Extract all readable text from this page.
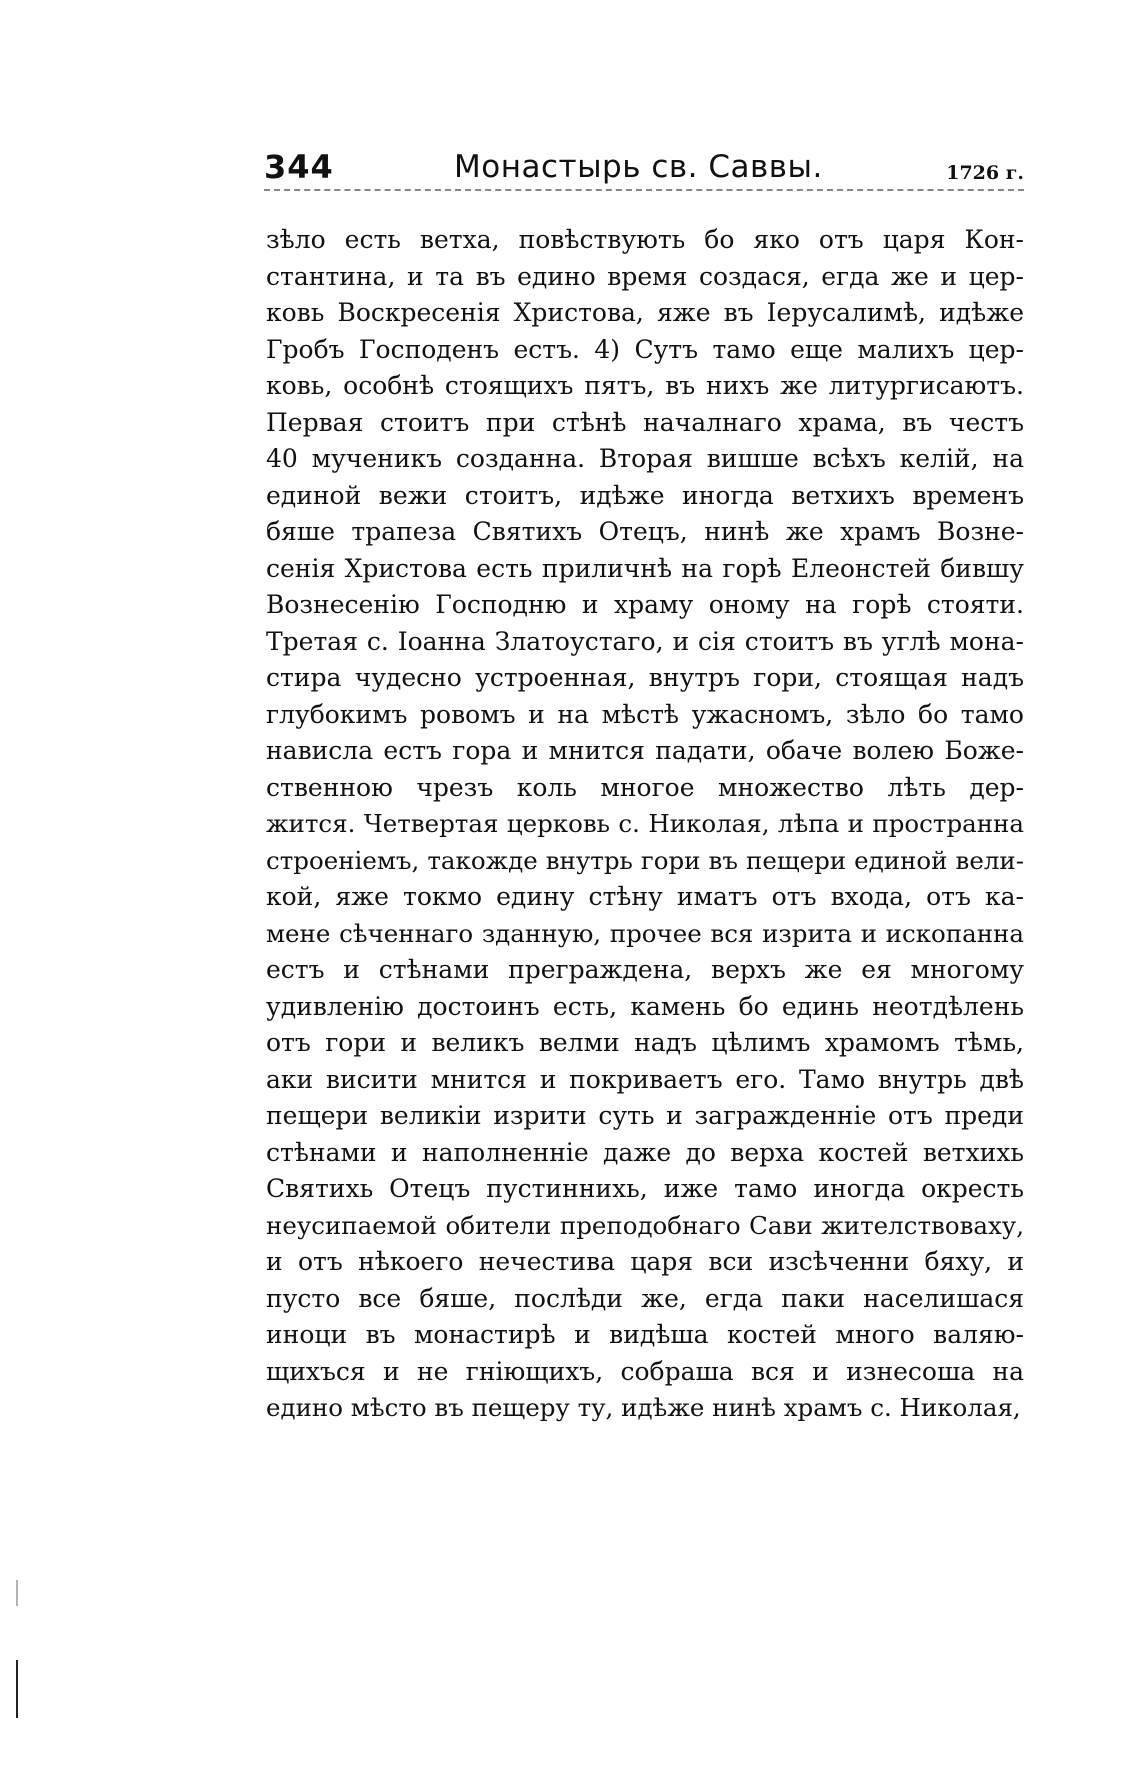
344	Монастырь св. Саввы.	1726 г.
зѣло есть ветха, повѣствують бо яко отъ царя Кон-
стантина, и та въ едино время создася, егда же и цер-
ковь Воскресенія Христова, яже въ Іерусалимѣ, идѣже
Гробъ Господенъ естъ. 4) Сутъ тамо еще малихъ цер-
ковь, особнѣ стоящихъ пятъ, въ нихъ же литургисаютъ.
Первая стоитъ при стѣнѣ началнаго храма, въ честъ
40 мученикъ созданна. Вторая вишше всѣхъ келій, на
единой вежи стоитъ, идѣже иногда ветхихъ временъ
бяше трапеза Святихъ Отецъ, нинѣ же храмъ Возне-
сенія Христова есть приличнѣ на горѣ Елеонстей бившу
Вознесенію Господню и храму оному на горѣ стояти.
Третая с. Іоанна Златоустаго, и сія стоитъ въ углѣ мона-
стира чудесно устроенная, внутръ гори, стоящая надъ
глубокимъ ровомъ и на мѣстѣ ужасномъ, зѣло бо тамо
нависла естъ гора и мнится падати, обаче волею Боже-
ственною чрезъ коль многое множество лѣть дер-
жится. Четвертая церковь с. Николая, лѣпа и пространна
строеніемъ, такожде внутрь гори въ пещери единой вели-
кой, яже токмо едину стѣну иматъ отъ входа, отъ ка-
мене сѣченнаго зданную, прочее вся изрита и ископанна
естъ и стѣнами преграждена, верхъ же ея многому
удивленію достоинъ есть, камень бо единь неотдѣлень
отъ гори и великъ велми надъ цѣлимъ храмомъ тѣмь,
аки висити мнится и покриваетъ его. Тамо внутрь двѣ
пещери великіи изрити суть и заграждeнніе отъ преди
стѣнами и наполненніе даже до верха костей ветхихь
Святихь Отецъ пустинниxь, иже тамо иногда окресть
неусипаемой обители преподобнаго Сави жителствоваху,
и отъ нѣкоего нечестива царя вси изсѣченни бяху, и
пусто все бяше, послѣди же, егда паки населишася
иноци въ монастирѣ и видѣша костей много валяю-
щихъся и не гніющихъ, собраша вся и изнесоша на
едино мѣсто въ пещеру ту, идѣже нинѣ храмъ с. Николая,
